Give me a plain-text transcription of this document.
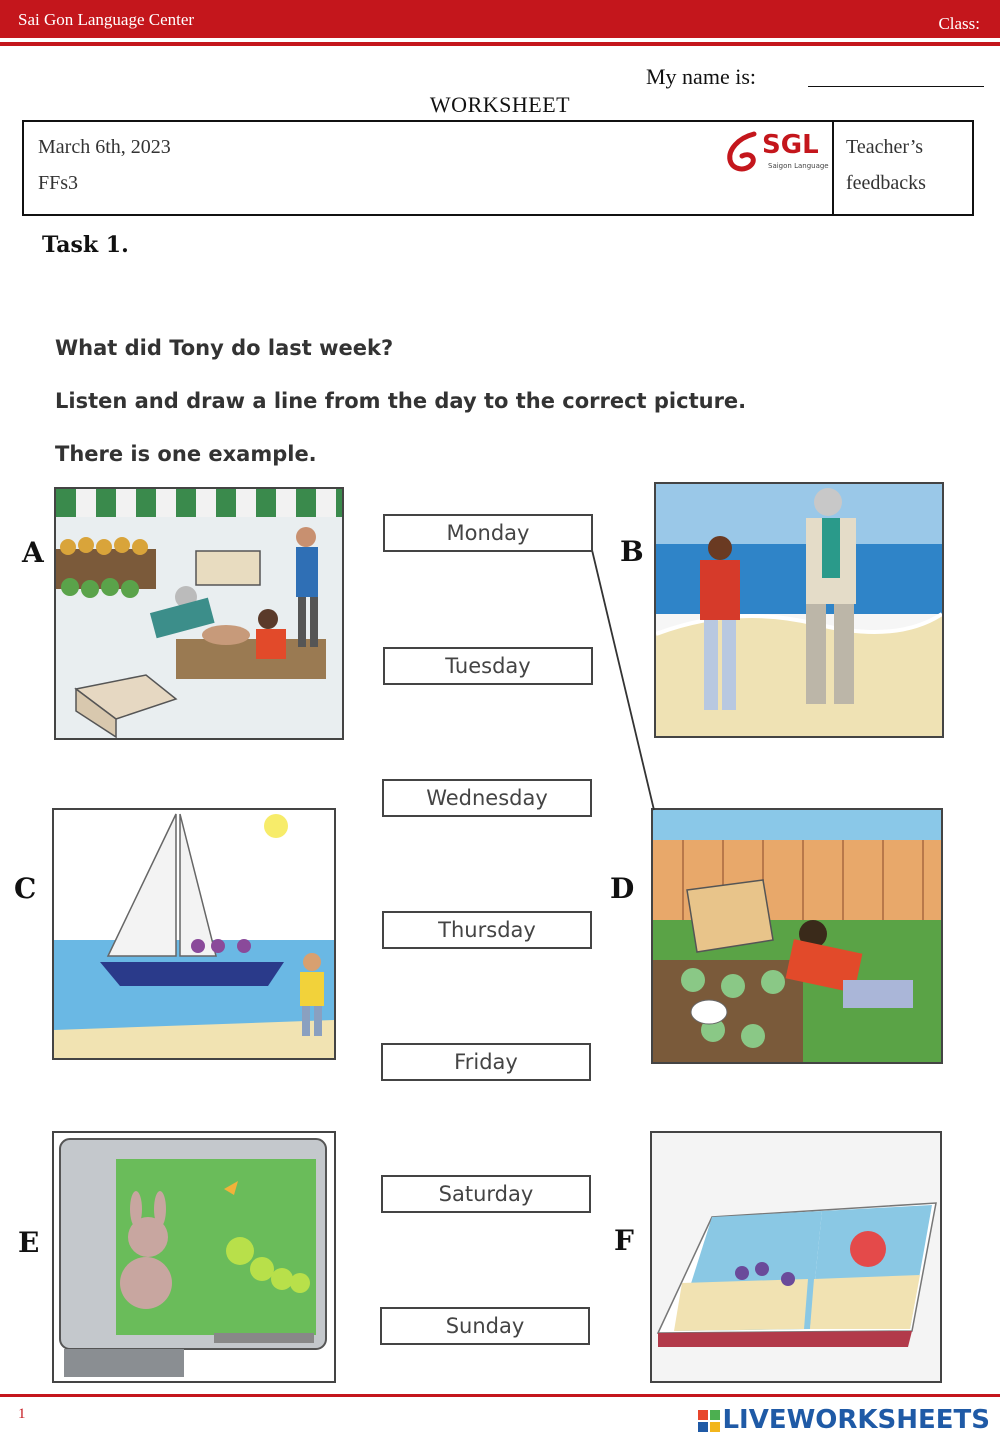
Sai Gon Language Center	Class:
My name is:
WORKSHEET
March 6th, 2023
FFs3
SGL
Saigon Language
Teacher’s
feedbacks
Task 1.
What did Tony do last week?
Listen and draw a line from the day to the correct picture.
There is one example.
A	B
C	D
E	F
Monday
Tuesday
Wednesday
Thursday
Friday
Saturday
Sunday
1	LIVEWORKSHEETS
